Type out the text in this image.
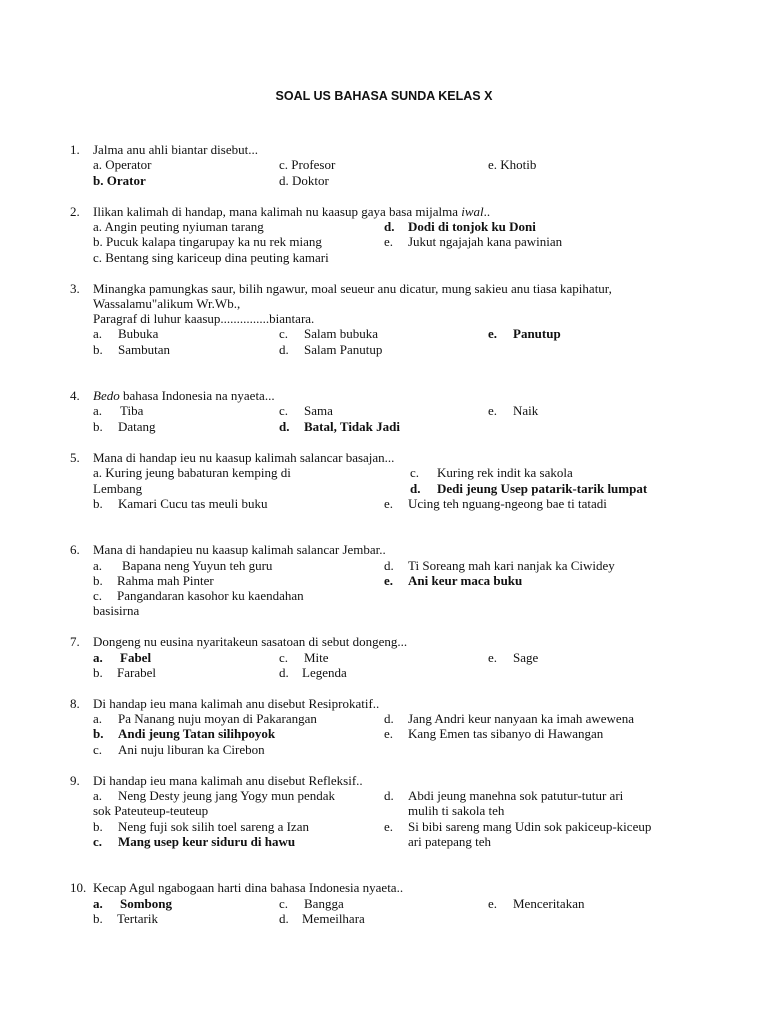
SOAL US BAHASA SUNDA KELAS X
1. Jalma anu ahli biantar disebut...
a. Operator	c. Profesor	e. Khotib
b. Orator	d. Doktor
2. Ilikan kalimah di handap, mana kalimah nu kaasup gaya basa mijalma iwal..
a. Angin peuting nyiuman tarang	d. Dodi di tonjok ku Doni
b. Pucuk kalapa tingarupay ka nu rek miang	e. Jukut ngajajah kana pawinian
c. Bentang sing kariceup dina peuting kamari
3. Minangka pamungkas saur, bilih ngawur, moal seueur anu dicatur, mung sakieu anu tiasa kapihatur,
Wassalamu"alikum Wr.Wb.,
Paragraf di luhur kaasup...............biantara.
a. Bubuka	c. Salam bubuka	e. Panutup
b. Sambutan	d. Salam Panutup
4. Bedo bahasa Indonesia na nyaeta...
a. Tiba	c. Sama	e. Naik
b. Datang	d. Batal, Tidak Jadi
5. Mana di handap ieu nu kaasup kalimah salancar basajan...
a. Kuring jeung babaturan kemping di	c. Kuring rek indit ka sakola
Lembang	d. Dedi jeung Usep patarik-tarik lumpat
b. Kamari Cucu tas meuli buku	e. Ucing teh nguang-ngeong bae ti tatadi
6. Mana di handapieu nu kaasup kalimah salancar Jembar..
a. Bapana neng Yuyun teh guru	d. Ti Soreang mah kari nanjak ka Ciwidey
b. Rahma mah Pinter	e. Ani keur maca buku
c. Pangandaran kasohor ku kaendahan
basisirna
7. Dongeng nu eusina nyaritakeun sasatoan di sebut dongeng...
a. Fabel	c. Mite	e. Sage
b. Farabel	d. Legenda
8. Di handap ieu mana kalimah anu disebut Resiprokatif..
a. Pa Nanang nuju moyan di Pakarangan	d. Jang Andri keur nanyaan ka imah awewena
b. Andi jeung Tatan silihpoyok	e. Kang Emen tas sibanyo di Hawangan
c. Ani nuju liburan ka Cirebon
9. Di handap ieu mana kalimah anu disebut Refleksif..
a. Neng Desty jeung jang Yogy mun pendak	d. Abdi jeung manehna sok patutur-tutur ari
sok Pateuteup-teuteup	mulih ti sakola teh
b. Neng fuji sok silih toel sareng a Izan	e. Si bibi sareng mang Udin sok pakiceup-kiceup
c. Mang usep keur siduru di hawu	ari patepang teh
10. Kecap Agul ngabogaan harti dina bahasa Indonesia nyaeta..
a. Sombong	c. Bangga	e. Menceritakan
b. Tertarik	d. Memeilhara
